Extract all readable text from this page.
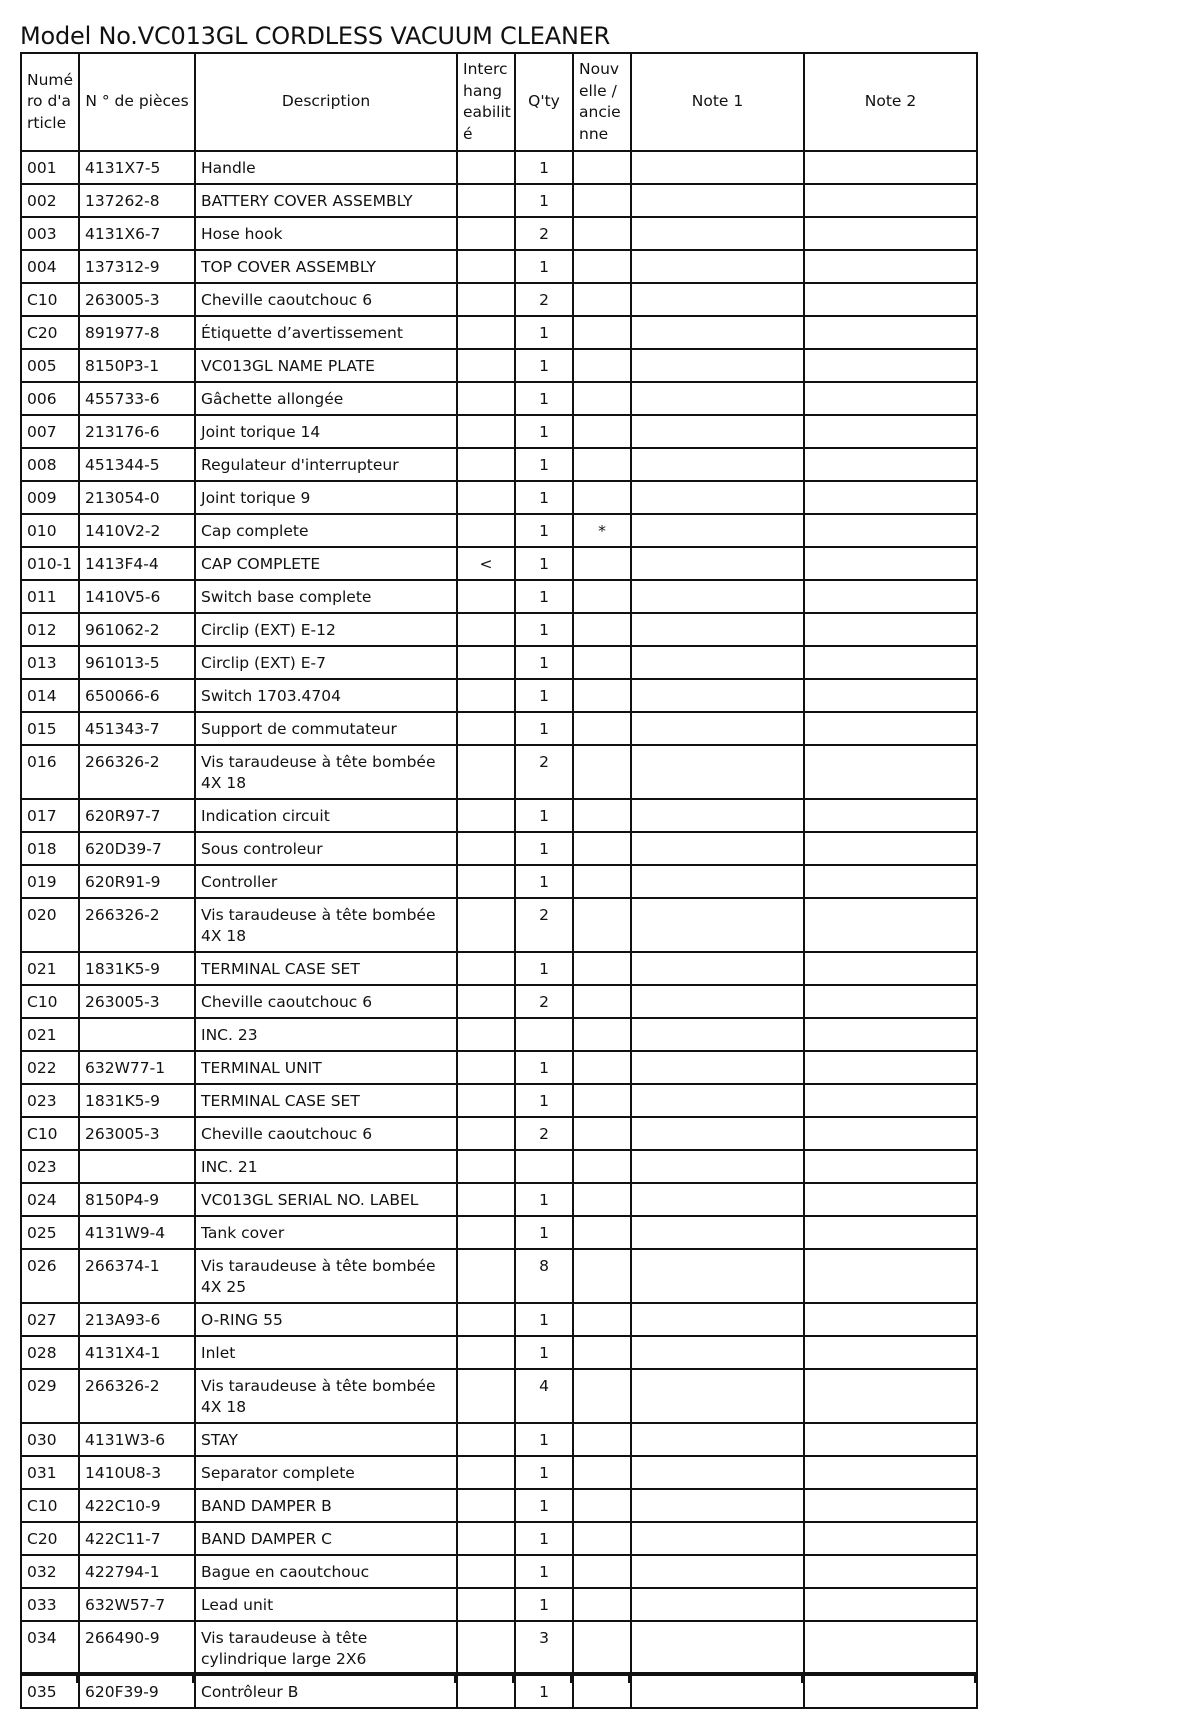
Model No.VC013GL CORDLESS VACUUM CLEANER
Numé ro d'a rticle	N ° de pièces	Description	Interc hang eabilit é	Q'ty	Nouv elle / ancie nne	Note 1	Note 2
001	4131X7-5	Handle		1			
002	137262-8	BATTERY COVER ASSEMBLY		1			
003	4131X6-7	Hose hook		2			
004	137312-9	TOP COVER ASSEMBLY		1			
C10	263005-3	Cheville caoutchouc 6		2			
C20	891977-8	Étiquette d’avertissement		1			
005	8150P3-1	VC013GL NAME PLATE		1			
006	455733-6	Gâchette allongée		1			
007	213176-6	Joint torique 14		1			
008	451344-5	Regulateur d'interrupteur		1			
009	213054-0	Joint torique 9		1			
010	1410V2-2	Cap complete		1	*		
010-1	1413F4-4	CAP COMPLETE	<	1			
011	1410V5-6	Switch base complete		1			
012	961062-2	Circlip (EXT) E-12		1			
013	961013-5	Circlip (EXT) E-7		1			
014	650066-6	Switch 1703.4704		1			
015	451343-7	Support de commutateur		1			
016	266326-2	Vis taraudeuse à tête bombée 4X 18		2			
017	620R97-7	Indication circuit		1			
018	620D39-7	Sous controleur		1			
019	620R91-9	Controller		1			
020	266326-2	Vis taraudeuse à tête bombée 4X 18		2			
021	1831K5-9	TERMINAL CASE SET		1			
C10	263005-3	Cheville caoutchouc 6		2			
021		INC. 23					
022	632W77-1	TERMINAL UNIT		1			
023	1831K5-9	TERMINAL CASE SET		1			
C10	263005-3	Cheville caoutchouc 6		2			
023		INC. 21					
024	8150P4-9	VC013GL SERIAL NO. LABEL		1			
025	4131W9-4	Tank cover		1			
026	266374-1	Vis taraudeuse à tête bombée 4X 25		8			
027	213A93-6	O-RING 55		1			
028	4131X4-1	Inlet		1			
029	266326-2	Vis taraudeuse à tête bombée 4X 18		4			
030	4131W3-6	STAY		1			
031	1410U8-3	Separator complete		1			
C10	422C10-9	BAND DAMPER B		1			
C20	422C11-7	BAND DAMPER C		1			
032	422794-1	Bague en caoutchouc		1			
033	632W57-7	Lead unit		1			
034	266490-9	Vis taraudeuse à tête cylindrique large 2X6		3			
035	620F39-9	Contrôleur B		1			
